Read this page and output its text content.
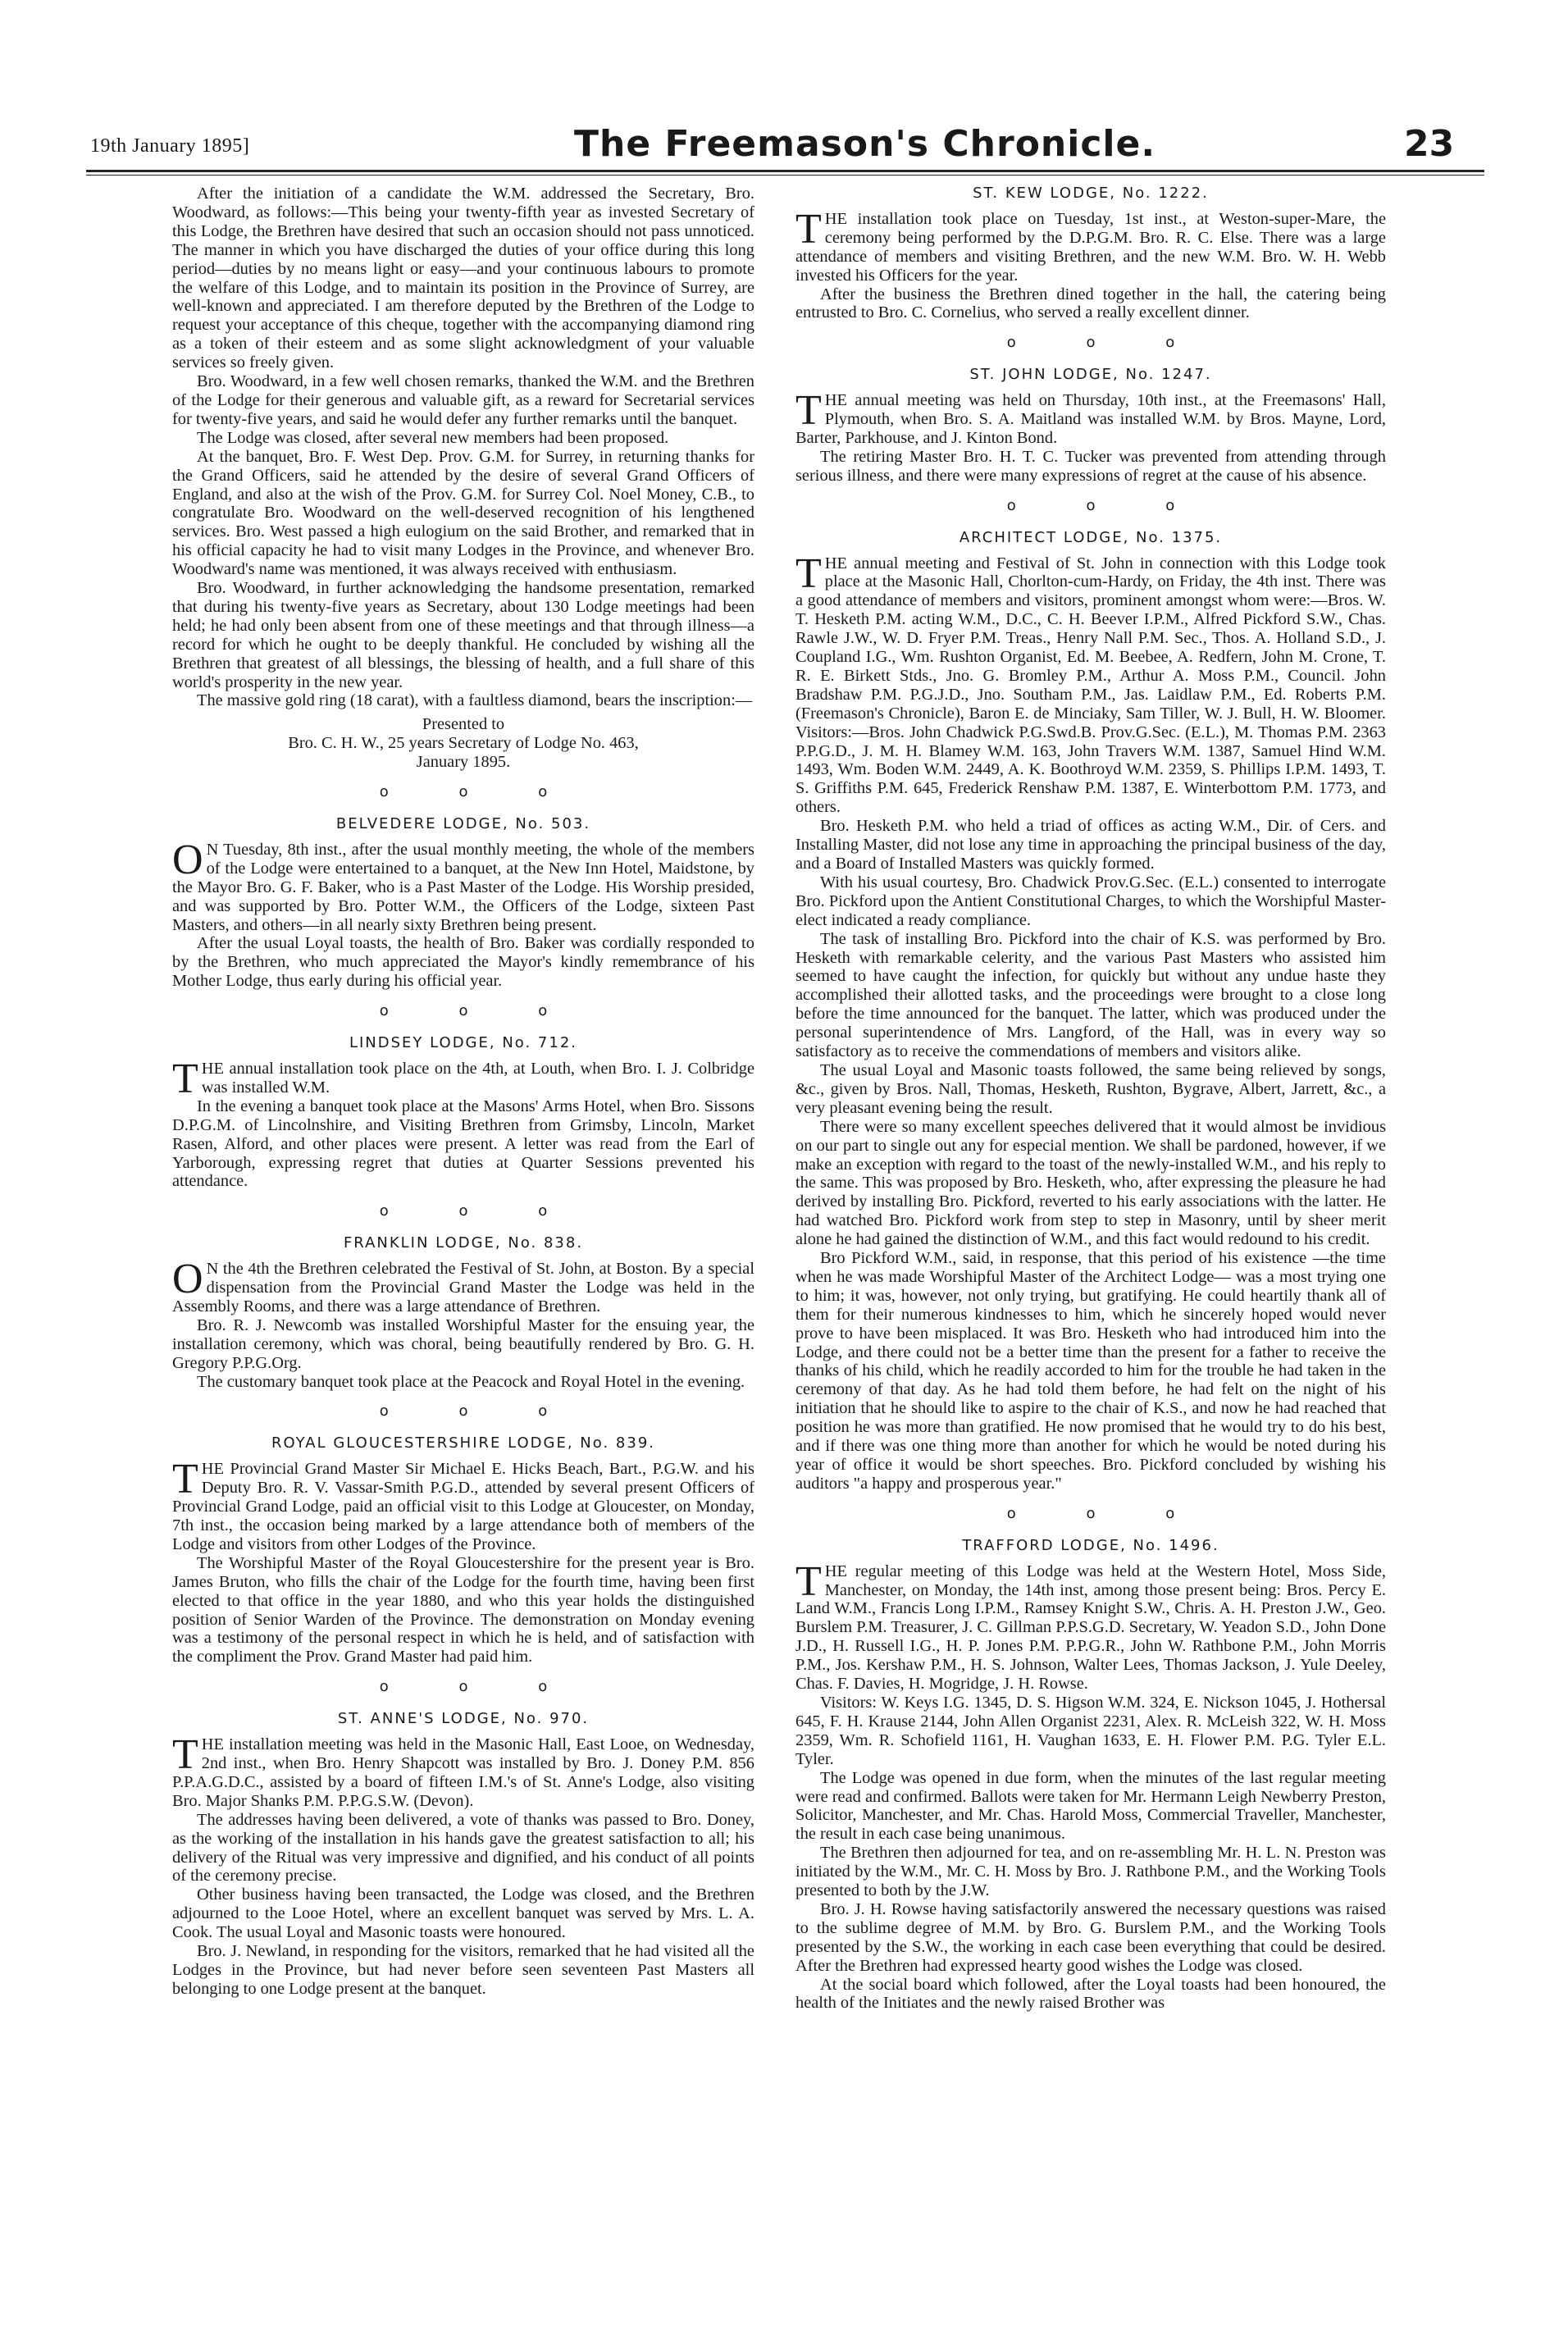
19th January 1895]	The Freemason's Chronicle.	23

After the initiation of a candidate the W.M. addressed the Secretary, Bro. Woodward, as follows:—This being your twenty-fifth year as invested Secretary of this Lodge, the Brethren have desired that such an occasion should not pass unnoticed. The manner in which you have discharged the duties of your office during this long period—duties by no means light or easy—and your continuous labours to promote the welfare of this Lodge, and to maintain its position in the Province of Surrey, are well-known and appreciated. I am therefore deputed by the Brethren of the Lodge to request your acceptance of this cheque, together with the accompanying diamond ring as a token of their esteem and as some slight acknowledgment of your valuable services so freely given.

Bro. Woodward, in a few well chosen remarks, thanked the W.M. and the Brethren of the Lodge for their generous and valuable gift, as a reward for Secretarial services for twenty-five years, and said he would defer any further remarks until the banquet.

The Lodge was closed, after several new members had been proposed.

At the banquet, Bro. F. West Dep. Prov. G.M. for Surrey, in returning thanks for the Grand Officers, said he attended by the desire of several Grand Officers of England, and also at the wish of the Prov. G.M. for Surrey Col. Noel Money, C.B., to congratulate Bro. Woodward on the well-deserved recognition of his lengthened services. Bro. West passed a high eulogium on the said Brother, and remarked that in his official capacity he had to visit many Lodges in the Province, and whenever Bro. Woodward's name was mentioned, it was always received with enthusiasm.

Bro. Woodward, in further acknowledging the handsome presentation, remarked that during his twenty-five years as Secretary, about 130 Lodge meetings had been held; he had only been absent from one of these meetings and that through illness—a record for which he ought to be deeply thankful. He concluded by wishing all the Brethren that greatest of all blessings, the blessing of health, and a full share of this world's prosperity in the new year.

The massive gold ring (18 carat), with a faultless diamond, bears the inscription:—

Presented to

Bro. C. H. W., 25 years Secretary of Lodge No. 463,

January 1895.

o o o
BELVEDERE LODGE, No. 503.

O N Tuesday, 8th inst., after the usual monthly meeting, the whole of the members of the Lodge were entertained to a banquet, at the New Inn Hotel, Maidstone, by the Mayor Bro. G. F. Baker, who is a Past Master of the Lodge. His Worship presided, and was supported by Bro. Potter W.M., the Officers of the Lodge, sixteen Past Masters, and others—in all nearly sixty Brethren being present.

After the usual Loyal toasts, the health of Bro. Baker was cordially responded to by the Brethren, who much appreciated the Mayor's kindly remembrance of his Mother Lodge, thus early during his official year.

o o o
LINDSEY LODGE, No. 712.

THE annual installation took place on the 4th, at Louth, when Bro. I. J. Colbridge was installed W.M.

In the evening a banquet took place at the Masons' Arms Hotel, when Bro. Sissons D.P.G.M. of Lincolnshire, and Visiting Brethren from Grimsby, Lincoln, Market Rasen, Alford, and other places were present. A letter was read from the Earl of Yarborough, expressing regret that duties at Quarter Sessions prevented his attendance.

o o o
FRANKLIN LODGE, No. 838.

O N the 4th the Brethren celebrated the Festival of St. John, at Boston. By a special dispensation from the Provincial Grand Master the Lodge was held in the Assembly Rooms, and there was a large attendance of Brethren.

Bro. R. J. Newcomb was installed Worshipful Master for the ensuing year, the installation ceremony, which was choral, being beautifully rendered by Bro. G. H. Gregory P.P.G.Org.

The customary banquet took place at the Peacock and Royal Hotel in the evening.

o o o
ROYAL GLOUCESTERSHIRE LODGE, No. 839.

THE Provincial Grand Master Sir Michael E. Hicks Beach, Bart., P.G.W. and his Deputy Bro. R. V. Vassar-Smith P.G.D., attended by several present Officers of Provincial Grand Lodge, paid an official visit to this Lodge at Gloucester, on Monday, 7th inst., the occasion being marked by a large attendance both of members of the Lodge and visitors from other Lodges of the Province.

The Worshipful Master of the Royal Gloucestershire for the present year is Bro. James Bruton, who fills the chair of the Lodge for the fourth time, having been first elected to that office in the year 1880, and who this year holds the distinguished position of Senior Warden of the Province. The demonstration on Monday evening was a testimony of the personal respect in which he is held, and of satisfaction with the compliment the Prov. Grand Master had paid him.

o o o
ST. ANNE'S LODGE, No. 970.

THE installation meeting was held in the Masonic Hall, East Looe, on Wednesday, 2nd inst., when Bro. Henry Shapcott was installed by Bro. J. Doney P.M. 856 P.P.A.G.D.C., assisted by a board of fifteen I.M.'s of St. Anne's Lodge, also visiting Bro. Major Shanks P.M. P.P.G.S.W. (Devon).

The addresses having been delivered, a vote of thanks was passed to Bro. Doney, as the working of the installation in his hands gave the greatest satisfaction to all; his delivery of the Ritual was very impressive and dignified, and his conduct of all points of the ceremony precise.

Other business having been transacted, the Lodge was closed, and the Brethren adjourned to the Looe Hotel, where an excellent banquet was served by Mrs. L. A. Cook. The usual Loyal and Masonic toasts were honoured.

Bro. J. Newland, in responding for the visitors, remarked that he had visited all the Lodges in the Province, but had never before seen seventeen Past Masters all belonging to one Lodge present at the banquet.

ST. KEW LODGE, No. 1222.

THE installation took place on Tuesday, 1st inst., at Weston-super-Mare, the ceremony being performed by the D.P.G.M. Bro. R. C. Else. There was a large attendance of members and visiting Brethren, and the new W.M. Bro. W. H. Webb invested his Officers for the year.

After the business the Brethren dined together in the hall, the catering being entrusted to Bro. C. Cornelius, who served a really excellent dinner.

o o o
ST. JOHN LODGE, No. 1247.

THE annual meeting was held on Thursday, 10th inst., at the Freemasons' Hall, Plymouth, when Bro. S. A. Maitland was installed W.M. by Bros. Mayne, Lord, Barter, Parkhouse, and J. Kinton Bond.

The retiring Master Bro. H. T. C. Tucker was prevented from attending through serious illness, and there were many expressions of regret at the cause of his absence.

o o o
ARCHITECT LODGE, No. 1375.

THE annual meeting and Festival of St. John in connection with this Lodge took place at the Masonic Hall, Chorlton-cum-Hardy, on Friday, the 4th inst. There was a good attendance of members and visitors, prominent amongst whom were:—Bros. W. T. Hesketh P.M. acting W.M., D.C., C. H. Beever I.P.M., Alfred Pickford S.W., Chas. Rawle J.W., W. D. Fryer P.M. Treas., Henry Nall P.M. Sec., Thos. A. Holland S.D., J. Coupland I.G., Wm. Rushton Organist, Ed. M. Beebee, A. Redfern, John M. Crone, T. R. E. Birkett Stds., Jno. G. Bromley P.M., Arthur A. Moss P.M., Council. John Bradshaw P.M. P.G.J.D., Jno. Southam P.M., Jas. Laidlaw P.M., Ed. Roberts P.M. (Freemason's Chronicle), Baron E. de Minciaky, Sam Tiller, W. J. Bull, H. W. Bloomer. Visitors:—Bros. John Chadwick P.G.Swd.B. Prov.G.Sec. (E.L.), M. Thomas P.M. 2363 P.P.G.D., J. M. H. Blamey W.M. 163, John Travers W.M. 1387, Samuel Hind W.M. 1493, Wm. Boden W.M. 2449, A. K. Boothroyd W.M. 2359, S. Phillips I.P.M. 1493, T. S. Griffiths P.M. 645, Frederick Renshaw P.M. 1387, E. Winterbottom P.M. 1773, and others.

Bro. Hesketh P.M. who held a triad of offices as acting W.M., Dir. of Cers. and Installing Master, did not lose any time in approaching the principal business of the day, and a Board of Installed Masters was quickly formed.

With his usual courtesy, Bro. Chadwick Prov.G.Sec. (E.L.) consented to interrogate Bro. Pickford upon the Antient Constitutional Charges, to which the Worshipful Master-elect indicated a ready compliance.

The task of installing Bro. Pickford into the chair of K.S. was performed by Bro. Hesketh with remarkable celerity, and the various Past Masters who assisted him seemed to have caught the infection, for quickly but without any undue haste they accomplished their allotted tasks, and the proceedings were brought to a close long before the time announced for the banquet. The latter, which was produced under the personal superintendence of Mrs. Langford, of the Hall, was in every way so satisfactory as to receive the commendations of members and visitors alike.

The usual Loyal and Masonic toasts followed, the same being relieved by songs, &c., given by Bros. Nall, Thomas, Hesketh, Rushton, Bygrave, Albert, Jarrett, &c., a very pleasant evening being the result.

There were so many excellent speeches delivered that it would almost be invidious on our part to single out any for especial mention. We shall be pardoned, however, if we make an exception with regard to the toast of the newly-installed W.M., and his reply to the same. This was proposed by Bro. Hesketh, who, after expressing the pleasure he had derived by installing Bro. Pickford, reverted to his early associations with the latter. He had watched Bro. Pickford work from step to step in Masonry, until by sheer merit alone he had gained the distinction of W.M., and this fact would redound to his credit.

Bro Pickford W.M., said, in response, that this period of his existence —the time when he was made Worshipful Master of the Architect Lodge— was a most trying one to him; it was, however, not only trying, but gratifying. He could heartily thank all of them for their numerous kindnesses to him, which he sincerely hoped would never prove to have been misplaced. It was Bro. Hesketh who had introduced him into the Lodge, and there could not be a better time than the present for a father to receive the thanks of his child, which he readily accorded to him for the trouble he had taken in the ceremony of that day. As he had told them before, he had felt on the night of his initiation that he should like to aspire to the chair of K.S., and now he had reached that position he was more than gratified. He now promised that he would try to do his best, and if there was one thing more than another for which he would be noted during his year of office it would be short speeches. Bro. Pickford concluded by wishing his auditors "a happy and prosperous year."

o o o
TRAFFORD LODGE, No. 1496.

THE regular meeting of this Lodge was held at the Western Hotel, Moss Side, Manchester, on Monday, the 14th inst, among those present being: Bros. Percy E. Land W.M., Francis Long I.P.M., Ramsey Knight S.W., Chris. A. H. Preston J.W., Geo. Burslem P.M. Treasurer, J. C. Gillman P.P.S.G.D. Secretary, W. Yeadon S.D., John Done J.D., H. Russell I.G., H. P. Jones P.M. P.P.G.R., John W. Rathbone P.M., John Morris P.M., Jos. Kershaw P.M., H. S. Johnson, Walter Lees, Thomas Jackson, J. Yule Deeley, Chas. F. Davies, H. Mogridge, J. H. Rowse.

Visitors: W. Keys I.G. 1345, D. S. Higson W.M. 324, E. Nickson 1045, J. Hothersal 645, F. H. Krause 2144, John Allen Organist 2231, Alex. R. McLeish 322, W. H. Moss 2359, Wm. R. Schofield 1161, H. Vaughan 1633, E. H. Flower P.M. P.G. Tyler E.L. Tyler.

The Lodge was opened in due form, when the minutes of the last regular meeting were read and confirmed. Ballots were taken for Mr. Hermann Leigh Newberry Preston, Solicitor, Manchester, and Mr. Chas. Harold Moss, Commercial Traveller, Manchester, the result in each case being unanimous.

The Brethren then adjourned for tea, and on re-assembling Mr. H. L. N. Preston was initiated by the W.M., Mr. C. H. Moss by Bro. J. Rathbone P.M., and the Working Tools presented to both by the J.W.

Bro. J. H. Rowse having satisfactorily answered the necessary questions was raised to the sublime degree of M.M. by Bro. G. Burslem P.M., and the Working Tools presented by the S.W., the working in each case been everything that could be desired. After the Brethren had expressed hearty good wishes the Lodge was closed.

At the social board which followed, after the Loyal toasts had been honoured, the health of the Initiates and the newly raised Brother was
